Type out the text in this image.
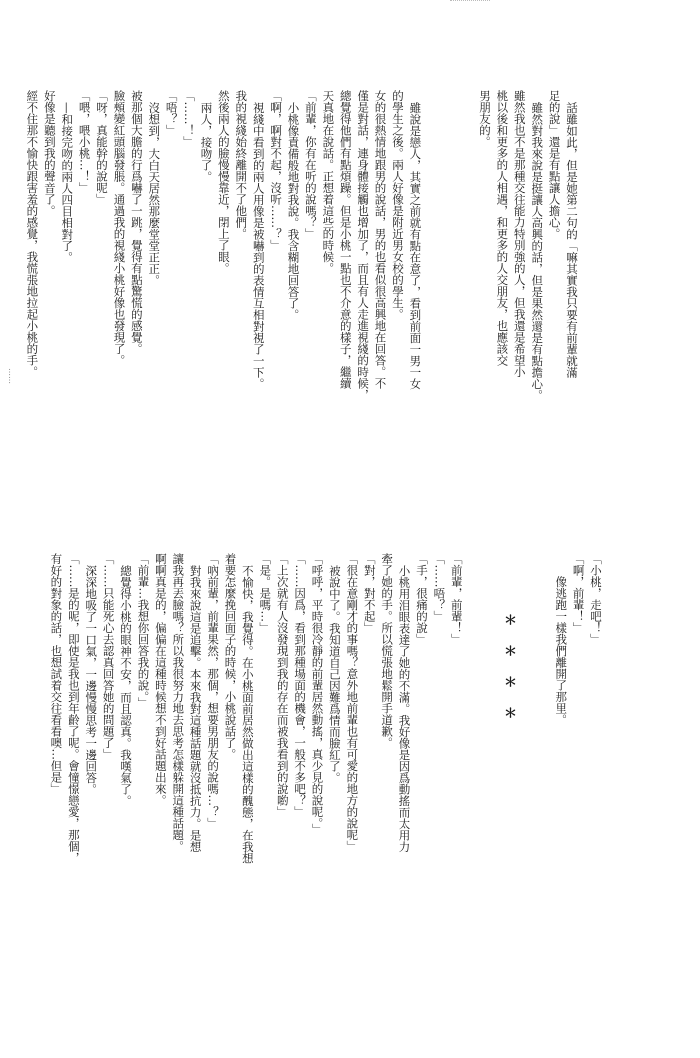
……	話雖如此，但是她第二句的「嘛其實我只要有前輩就滿
足的說」還是有點讓人擔心。
雖然對我來說是挺讓人高興的話，但是果然還是有點擔心。
雖然我也不是那種交往能力特別強的人，但我還是希望小
桃以後和更多的人相遇，和更多的人交朋友，也應該交
男朋友的。

雖說是戀人，其實之前就有點在意了，看到前面一男一女
的學生之後。兩人好像是附近男女校的學生。
女的很熱情地跟男的說話，男的也看似很高興地在回答。不
僅是對話，連身體接觸也增加了，而且有人走進視綫的時候，
總覺得他們有點煩躁。但是小桃一點也不介意的樣子，繼續
天真地在說話。正想着這些的時候。
「前輩，你有在听的說嗎？」
小桃像責備般地對我說。我含糊地回答了。
「啊，啊對不起，沒听……？」
視綫中看到的兩人用像是被嚇到的表情互相對視了一下。
我的視綫始終離開不了他們。
然後兩人的臉慢慢靠近，閉上了眼。
兩人，接吻了。
「……！」
「唔？」
沒想到，大白天居然那麼堂堂正正。
被那個大膽的行爲嚇了一跳，覺得有點驚慌的感覺。
臉頰變紅頭腦發脹。通過我的視綫小桃好像也發現了。
「呀，真能幹的說呢」
「喂，喂小桃…！」
—和接完吻的兩人四目相對了。
好像是聽到我的聲音了。
經不住那不愉快跟害羞的感覺，我慌張地拉起小桃的手。
「小桃，走吧！」
「啊，前輩！」
像逃跑一樣我們離開了那里。

＊＊＊＊

「前輩，前輩！」
「……唔？」
「手，很痛的說」
小桃用泪眼表達了她的不滿。我好像是因爲動搖而太用力
牽了她的手。所以慌張地鬆開手道歉。
「對，對不起」
「很在意剛才的事嗎？意外地前輩也有可愛的地方的說呢」
被說中了。我知道自己因難爲情而臉紅了。
「呼呼，平時很冷靜的前輩居然動搖，真少見的說呢。」
「……因爲，看到那種場面的機會，一般不多吧？」
「上次就有人沒發現到我的存在而被我看到的說喲」
「是。是嗎…」
不愉快，我覺得。在小桃面前居然做出這樣的醜態，在我想
着要怎麼挽回面子的時候，小桃說話了。
「吶前輩，前輩果然，那個，想要男朋友的說嗎…？」
對我來說這是追擊。本來我對這種話題就沒抵抗力。是想
讓我再丟臉嗎？所以我很努力地去思考怎樣躲開這種話題。
啊啊真是的，偏偏在這種時候想不到好話題出來。
「前輩…我想你回答我的說。」
總覺得小桃的眼神不安，而且認真。我嘆氣了。
「……只能死心去認真回答她的問題了」
深深地吸了一口氣，一邊慢慢思考一邊回答。
「……是的呢，即使是我也到年齡了呢。會憧憬戀愛，那個，
有好的對象的話，也想試着交往看看噢…但是」
